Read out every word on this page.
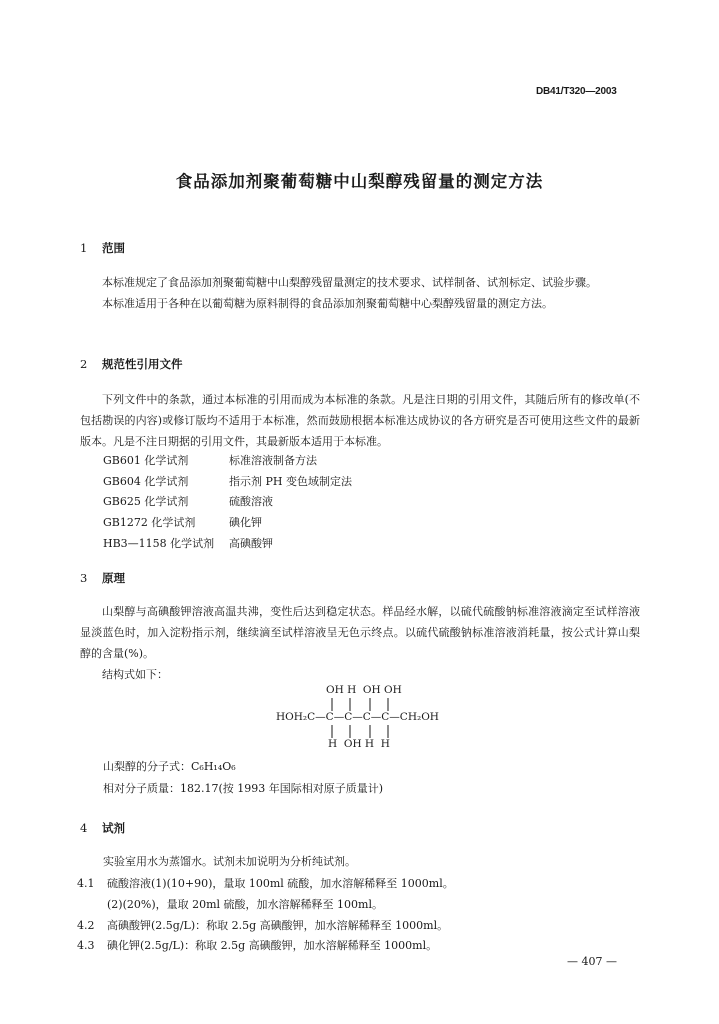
DB41/T320—2003
食品添加剂聚葡萄糖中山梨醇残留量的测定方法
1 范围

本标准规定了食品添加剂聚葡萄糖中山梨醇残留量测定的技术要求、试样制备、试剂标定、试验步骤。

本标准适用于各种在以葡萄糖为原料制得的食品添加剂聚葡萄糖中心梨醇残留量的测定方法。

2 规范性引用文件

下列文件中的条款，通过本标准的引用而成为本标准的条款。凡是注日期的引用文件，其随后所有的修改单(不包括勘误的内容)或修订版均不适用于本标准，然而鼓励根据本标准达成协议的各方研究是否可使用这些文件的最新版本。凡是不注日期据的引用文件，其最新版本适用于本标准。

GB601 化学试剂	标准溶液制备方法
GB604 化学试剂	指示剂 PH 变色域制定法
GB625 化学试剂	硫酸溶液
GB1272 化学试剂	碘化钾
HB3—1158 化学试剂	高碘酸钾
3 原理

山梨醇与高碘酸钾溶液高温共沸，变性后达到稳定状态。样品经水解，以硫代硫酸钠标准溶液滴定至试样溶液显淡蓝色时，加入淀粉指示剂，继续滴至试样溶液呈无色示终点。以硫代硫酸钠标准溶液消耗量，按公式计算山梨醇的含量(%)。

结构式如下：

OH H  OH OH
HOH₂C—C—C—C—C—CH₂OH
H  OH H  H
山梨醇的分子式：C₆H₁₄O₆
相对分子质量：182.17(按 1993 年国际相对原子质量计)
4 试剂
实验室用水为蒸馏水。试剂未加说明为分析纯试剂。
4.1 硫酸溶液(1)(10+90)，量取 100ml 硫酸，加水溶解稀释至 1000ml。
(2)(20%)，量取 20ml 硫酸，加水溶解稀释至 100ml。
4.2 高碘酸钾(2.5g/L)：称取 2.5g 高碘酸钾，加水溶解稀释至 1000ml。
4.3 碘化钾(2.5g/L)：称取 2.5g 高碘酸钾，加水溶解稀释至 1000ml。
— 407 —
